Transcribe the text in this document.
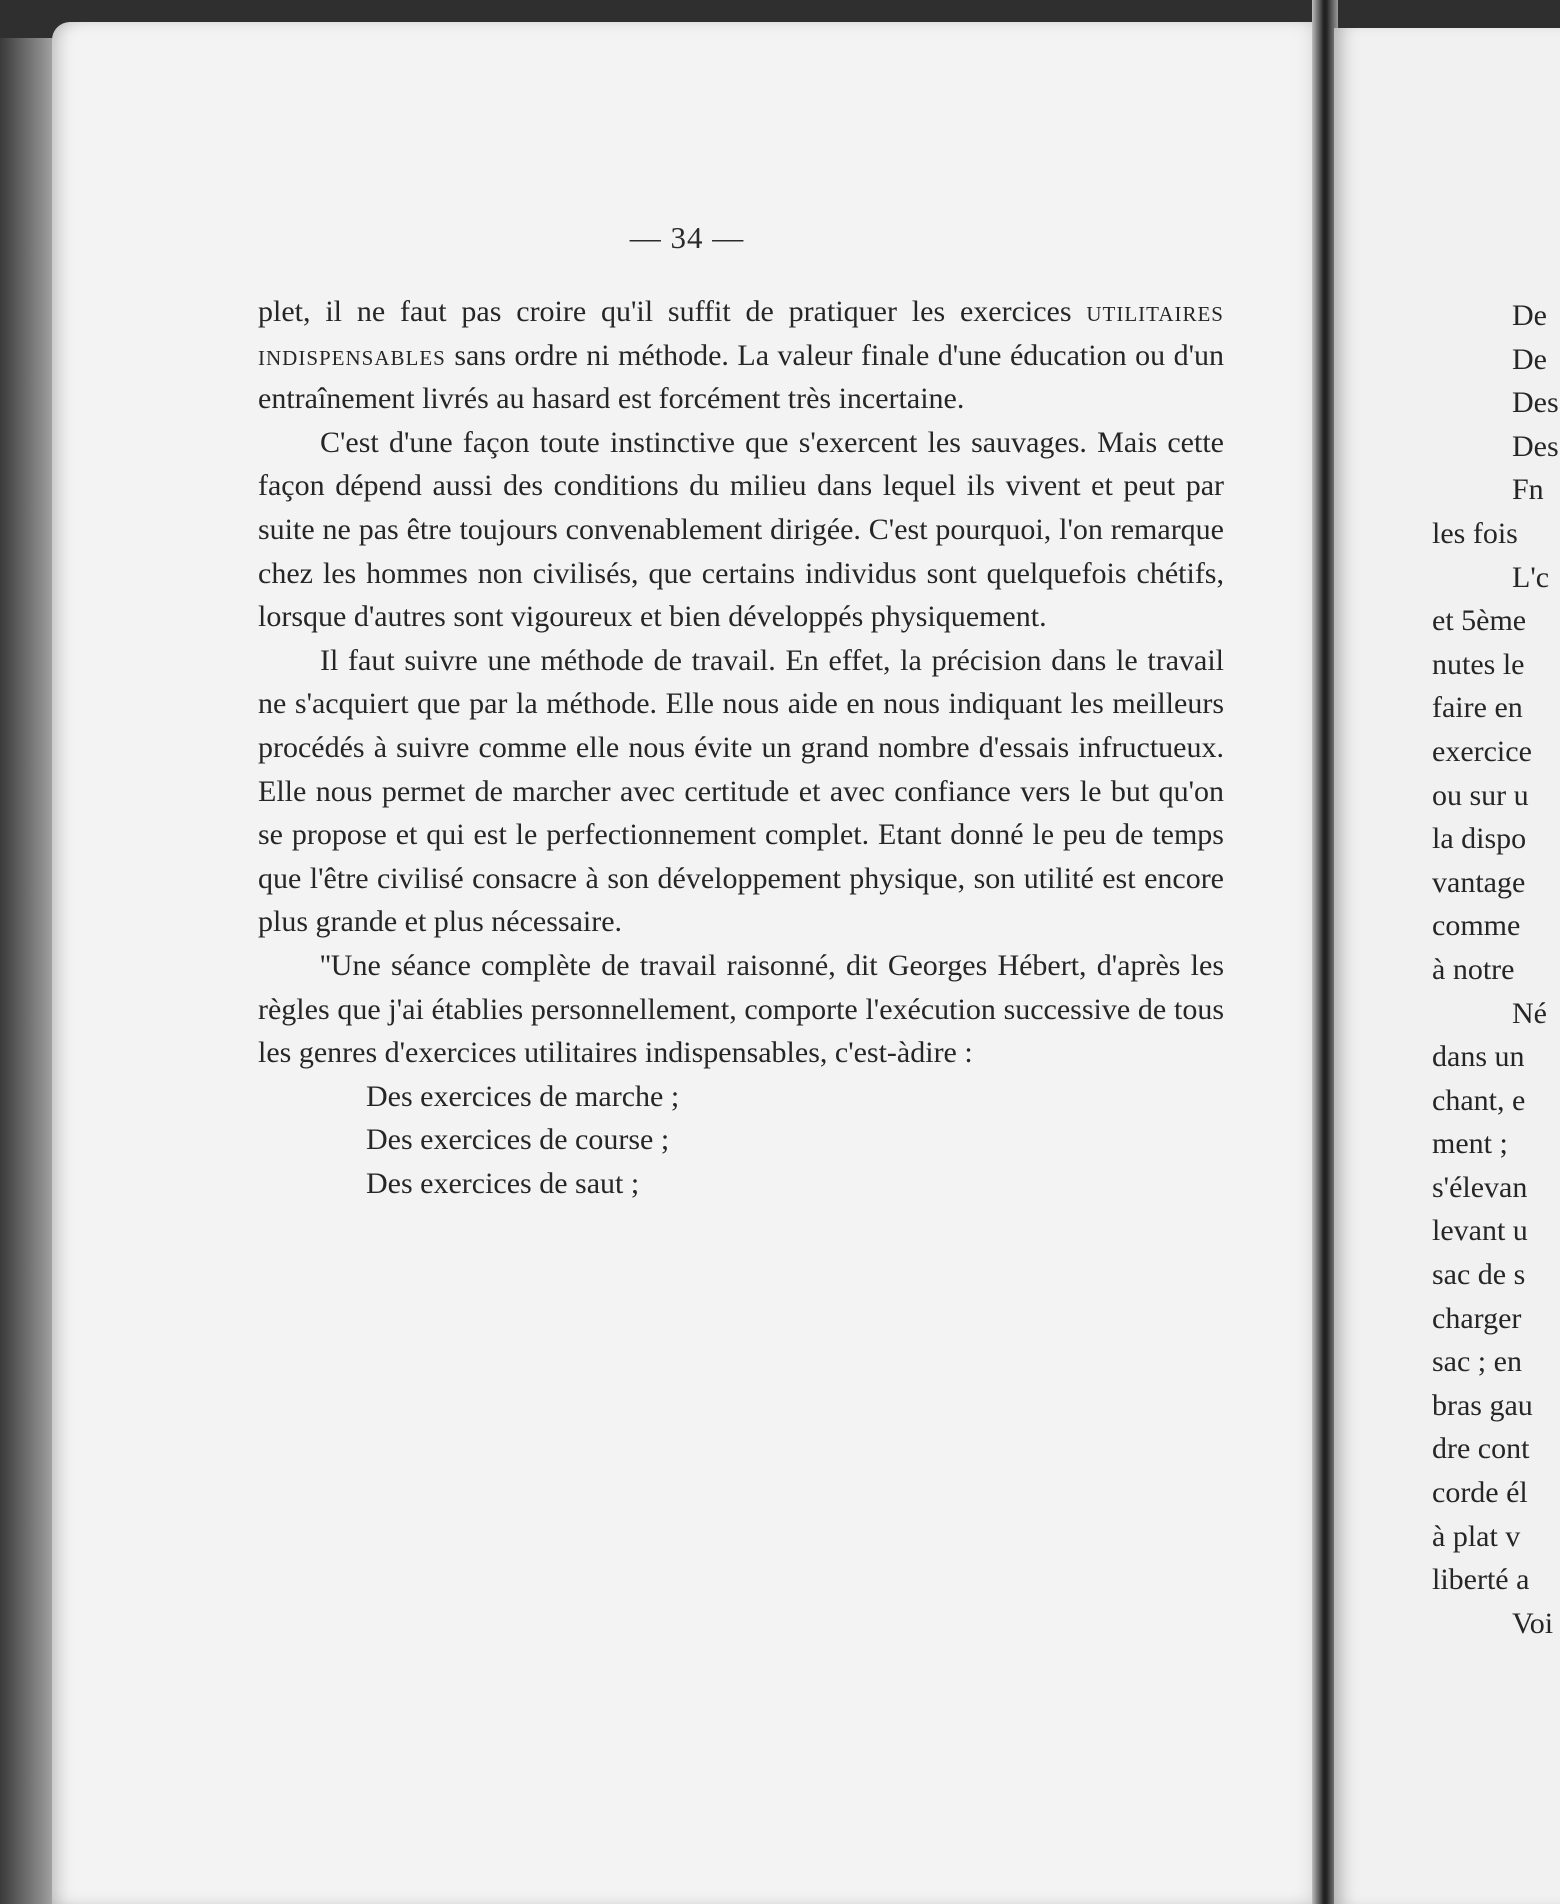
— 34 —

plet, il ne faut pas croire qu'il suffit de pratiquer les exercices utilitaires indispensables sans ordre ni méthode. La valeur finale d'une éducation ou d'un entraînement livrés au hasard est forcément très incertaine.

C'est d'une façon toute instinctive que s'exercent les sauvages. Mais cette façon dépend aussi des conditions du milieu dans lequel ils vivent et peut par suite ne pas être toujours convenablement dirigée. C'est pourquoi, l'on remarque chez les hommes non civilisés, que certains individus sont quelquefois chétifs, lorsque d'autres sont vigoureux et bien développés physiquement.

Il faut suivre une méthode de travail. En effet, la précision dans le travail ne s'acquiert que par la méthode. Elle nous aide en nous indiquant les meilleurs procédés à suivre comme elle nous évite un grand nombre d'essais infructueux. Elle nous permet de marcher avec certitude et avec confiance vers le but qu'on se propose et qui est le perfectionnement complet. Etant donné le peu de temps que l'être civilisé consacre à son développement physique, son utilité est encore plus grande et plus nécessaire.

''Une séance complète de travail raisonné, dit Georges Hébert, d'après les règles que j'ai établies personnellement, comporte l'exécution successive de tous les genres d'exercices utilitaires indispensables, c'est-àdire :

Des exercices de marche ;

Des exercices de course ;

Des exercices de saut ;

De
De
Des
Des
Fn
les fois
L'c
et 5ème
nutes le
faire en
exercice
ou sur u
la dispo
vantage
comme
à notre
Né
dans un
chant, e
ment ;
s'élevan
levant u
sac de s
charger
sac ; en
bras gau
dre cont
corde él
à plat v
liberté a
Voi
